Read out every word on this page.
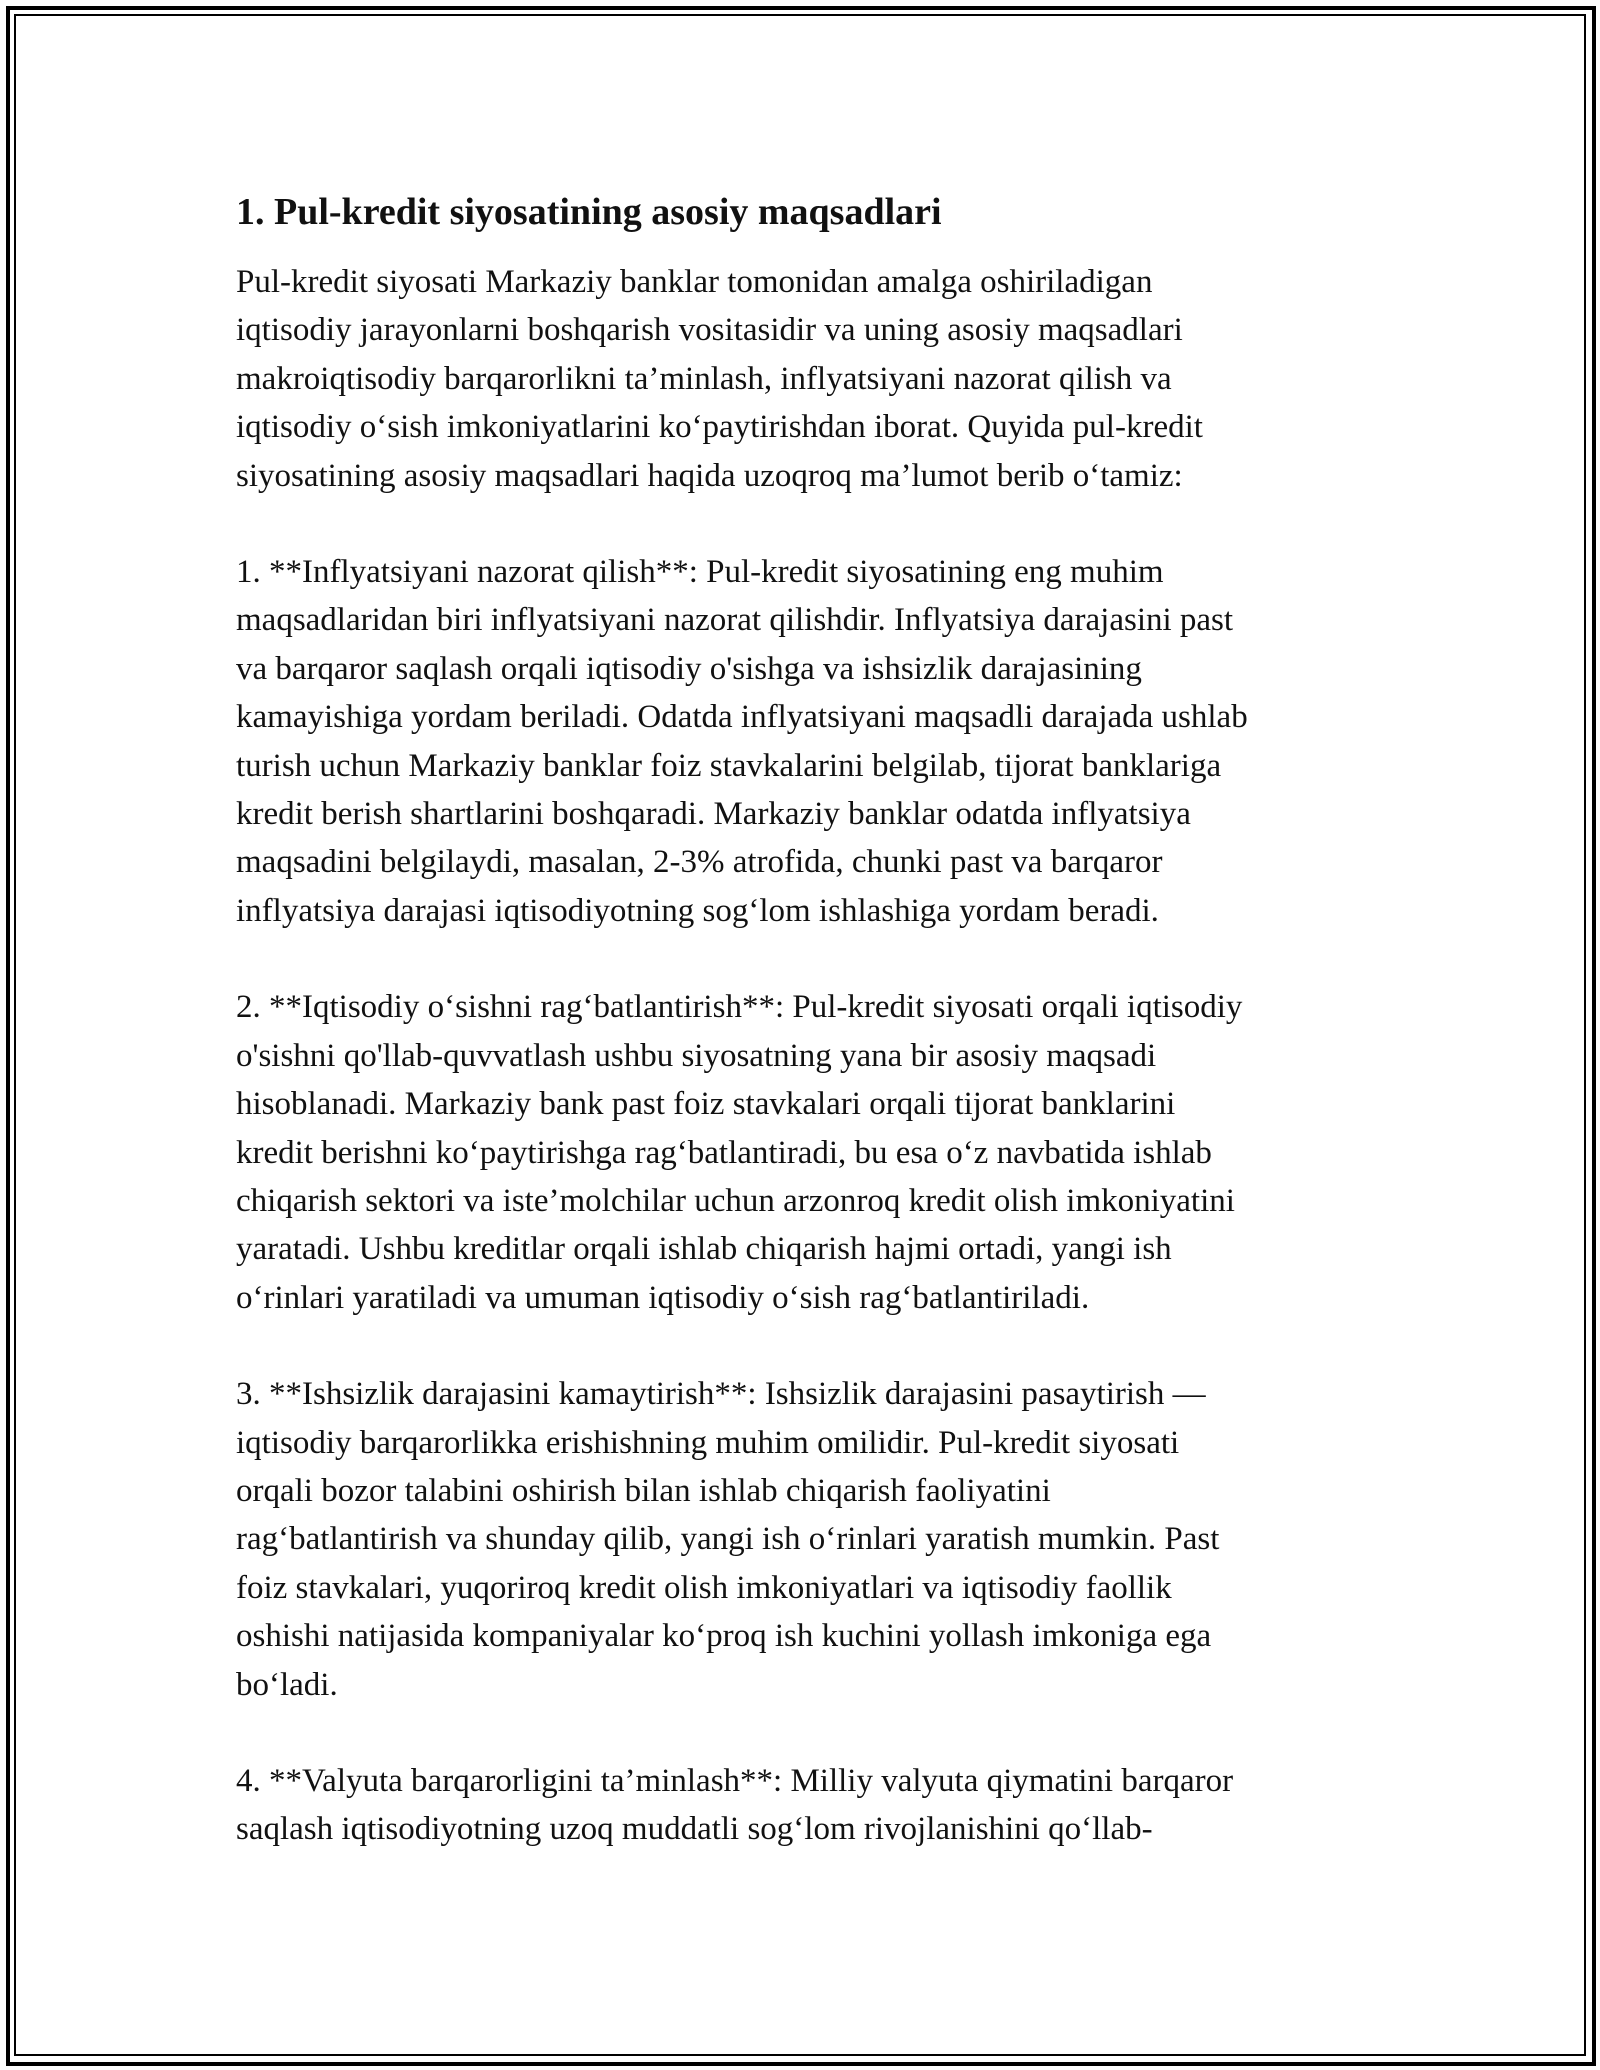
1. Pul-kredit siyosatining asosiy maqsadlari
Pul-kredit siyosati Markaziy banklar tomonidan amalga oshiriladigan
iqtisodiy jarayonlarni boshqarish vositasidir va uning asosiy maqsadlari
makroiqtisodiy barqarorlikni ta’minlash, inflyatsiyani nazorat qilish va
iqtisodiy o‘sish imkoniyatlarini ko‘paytirishdan iborat. Quyida pul-kredit
siyosatining asosiy maqsadlari haqida uzoqroq ma’lumot berib o‘tamiz:
1. **Inflyatsiyani nazorat qilish**: Pul-kredit siyosatining eng muhim
maqsadlaridan biri inflyatsiyani nazorat qilishdir. Inflyatsiya darajasini past
va barqaror saqlash orqali iqtisodiy o'sishga va ishsizlik darajasining
kamayishiga yordam beriladi. Odatda inflyatsiyani maqsadli darajada ushlab
turish uchun Markaziy banklar foiz stavkalarini belgilab, tijorat banklariga
kredit berish shartlarini boshqaradi. Markaziy banklar odatda inflyatsiya
maqsadini belgilaydi, masalan, 2-3% atrofida, chunki past va barqaror
inflyatsiya darajasi iqtisodiyotning sog‘lom ishlashiga yordam beradi.
2. **Iqtisodiy o‘sishni rag‘batlantirish**: Pul-kredit siyosati orqali iqtisodiy
o'sishni qo'llab-quvvatlash ushbu siyosatning yana bir asosiy maqsadi
hisoblanadi. Markaziy bank past foiz stavkalari orqali tijorat banklarini
kredit berishni ko‘paytirishga rag‘batlantiradi, bu esa o‘z navbatida ishlab
chiqarish sektori va iste’molchilar uchun arzonroq kredit olish imkoniyatini
yaratadi. Ushbu kreditlar orqali ishlab chiqarish hajmi ortadi, yangi ish
o‘rinlari yaratiladi va umuman iqtisodiy o‘sish rag‘batlantiriladi.
3. **Ishsizlik darajasini kamaytirish**: Ishsizlik darajasini pasaytirish —
iqtisodiy barqarorlikka erishishning muhim omilidir. Pul-kredit siyosati
orqali bozor talabini oshirish bilan ishlab chiqarish faoliyatini
rag‘batlantirish va shunday qilib, yangi ish o‘rinlari yaratish mumkin. Past
foiz stavkalari, yuqoriroq kredit olish imkoniyatlari va iqtisodiy faollik
oshishi natijasida kompaniyalar ko‘proq ish kuchini yollash imkoniga ega
bo‘ladi.
4. **Valyuta barqarorligini ta’minlash**: Milliy valyuta qiymatini barqaror
saqlash iqtisodiyotning uzoq muddatli sog‘lom rivojlanishini qo‘llab-
